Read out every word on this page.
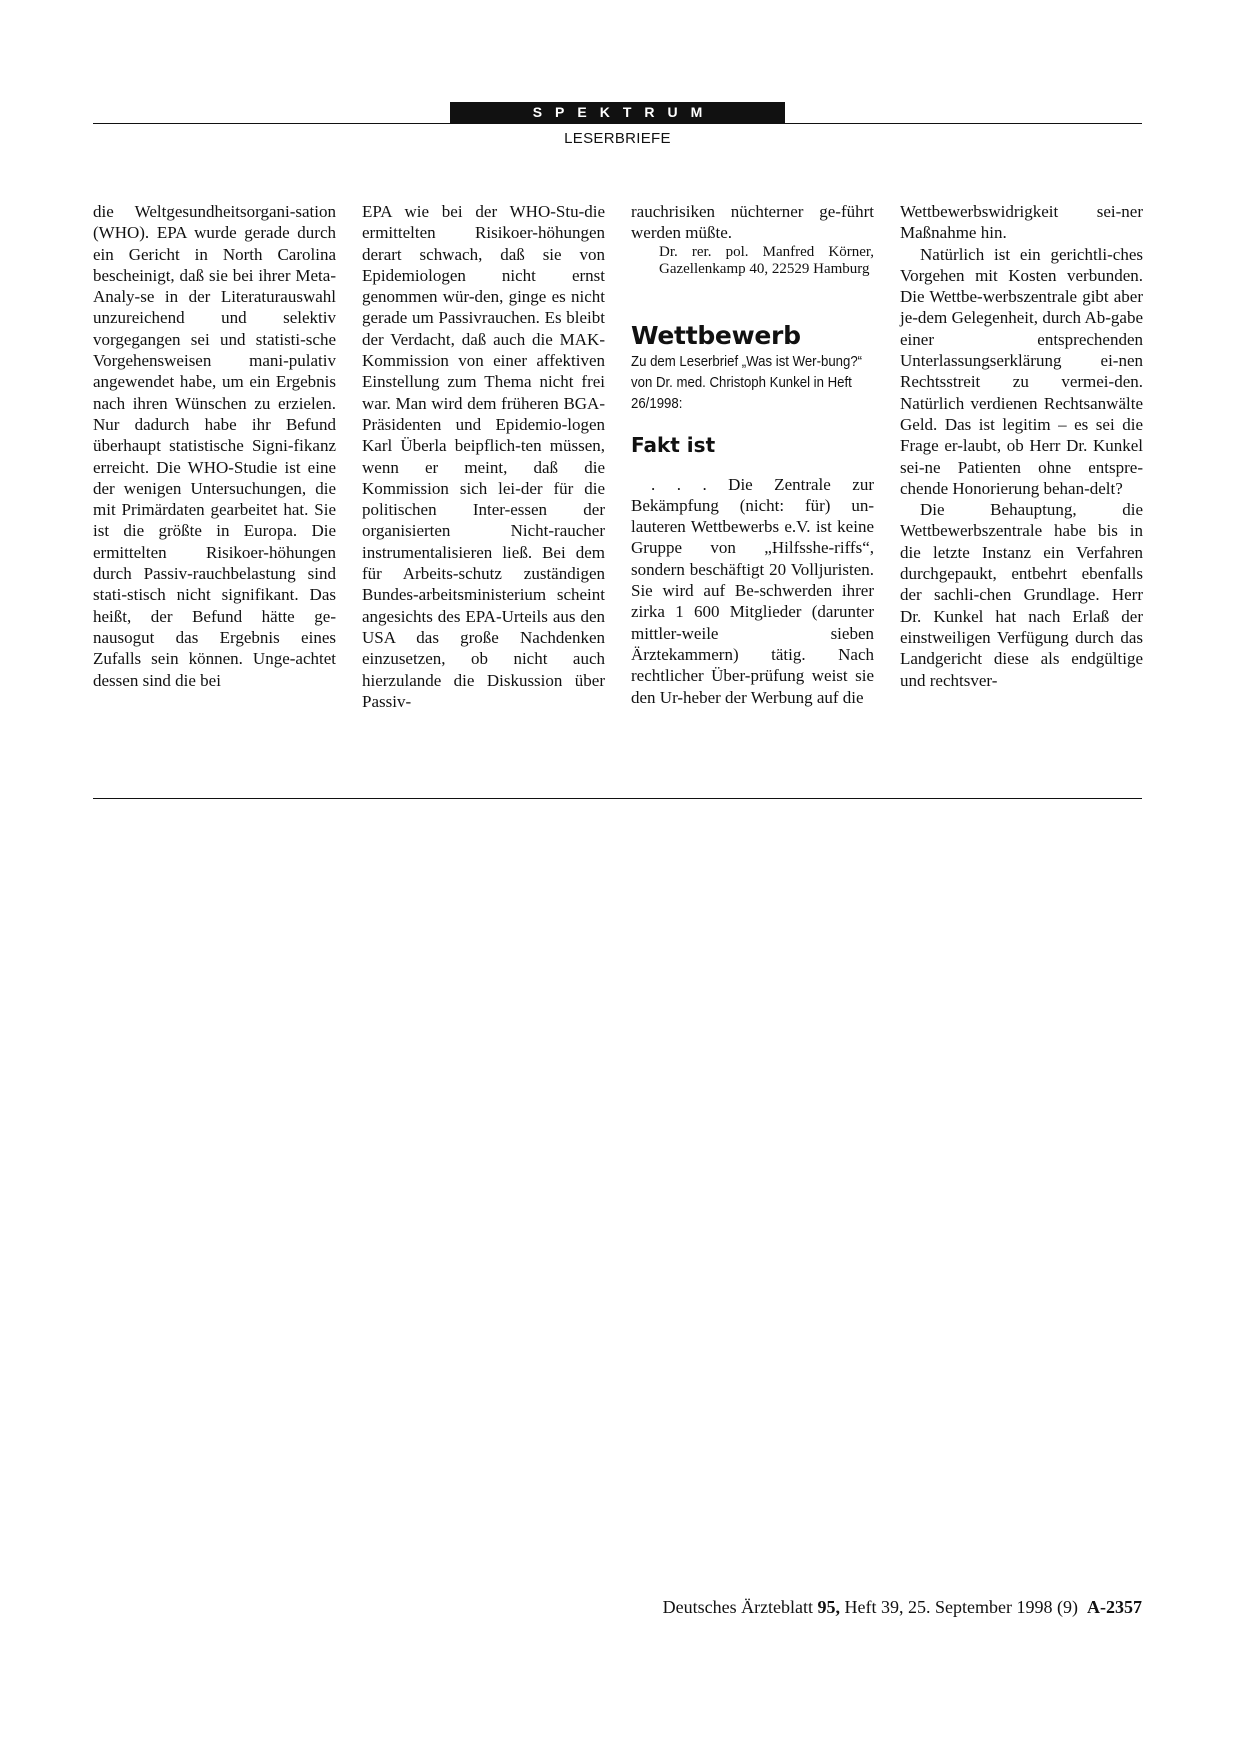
SPEKTRUM
LESERBRIEFE

die Weltgesundheitsorgani-sation (WHO). EPA wurde gerade durch ein Gericht in North Carolina bescheinigt, daß sie bei ihrer Meta-Analy-se in der Literaturauswahl unzureichend und selektiv vorgegangen sei und statisti-sche Vorgehensweisen mani-pulativ angewendet habe, um ein Ergebnis nach ihren Wünschen zu erzielen. Nur dadurch habe ihr Befund überhaupt statistische Signi-fikanz erreicht. Die WHO-Studie ist eine der wenigen Untersuchungen, die mit Primärdaten gearbeitet hat. Sie ist die größte in Europa. Die ermittelten Risikoer-höhungen durch Passiv-rauchbelastung sind stati-stisch nicht signifikant. Das heißt, der Befund hätte ge-nausogut das Ergebnis eines Zufalls sein können. Unge-achtet dessen sind die bei

EPA wie bei der WHO-Stu-die ermittelten Risikoer-höhungen derart schwach, daß sie von Epidemiologen nicht ernst genommen wür-den, ginge es nicht gerade um Passivrauchen. Es bleibt der Verdacht, daß auch die MAK-Kommission von einer affektiven Einstellung zum Thema nicht frei war. Man wird dem früheren BGA-Präsidenten und Epidemio-logen Karl Überla beipflich-ten müssen, wenn er meint, daß die Kommission sich lei-der für die politischen Inter-essen der organisierten Nicht-raucher instrumentalisieren ließ. Bei dem für Arbeits-schutz zuständigen Bundes-arbeitsministerium scheint angesichts des EPA-Urteils aus den USA das große Nachdenken einzusetzen, ob nicht auch hierzulande die Diskussion über Passiv-

rauchrisiken nüchterner ge-führt werden müßte.

Dr. rer. pol. Manfred Körner, Gazellenkamp 40, 22529 Hamburg

Wettbewerb

Zu dem Leserbrief „Was ist Wer-bung?“ von Dr. med. Christoph Kunkel in Heft 26/1998:

Fakt ist

. . . Die Zentrale zur Bekämpfung (nicht: für) un-lauteren Wettbewerbs e.V. ist keine Gruppe von „Hilfsshe-riffs“, sondern beschäftigt 20 Volljuristen. Sie wird auf Be-schwerden ihrer zirka 1 600 Mitglieder (darunter mittler-weile sieben Ärztekammern) tätig. Nach rechtlicher Über-prüfung weist sie den Ur-heber der Werbung auf die

Wettbewerbswidrigkeit sei-ner Maßnahme hin.

Natürlich ist ein gerichtli-ches Vorgehen mit Kosten verbunden. Die Wettbe-werbszentrale gibt aber je-dem Gelegenheit, durch Ab-gabe einer entsprechenden Unterlassungserklärung ei-nen Rechtsstreit zu vermei-den. Natürlich verdienen Rechtsanwälte Geld. Das ist legitim – es sei die Frage er-laubt, ob Herr Dr. Kunkel sei-ne Patienten ohne entspre-chende Honorierung behan-delt?

Die Behauptung, die Wettbewerbszentrale habe bis in die letzte Instanz ein Verfahren durchgepaukt, entbehrt ebenfalls der sachli-chen Grundlage. Herr Dr. Kunkel hat nach Erlaß der einstweiligen Verfügung durch das Landgericht diese als endgültige und rechtsver-

Deutsches Ärzteblatt 95, Heft 39, 25. September 1998 (9) A-2357
